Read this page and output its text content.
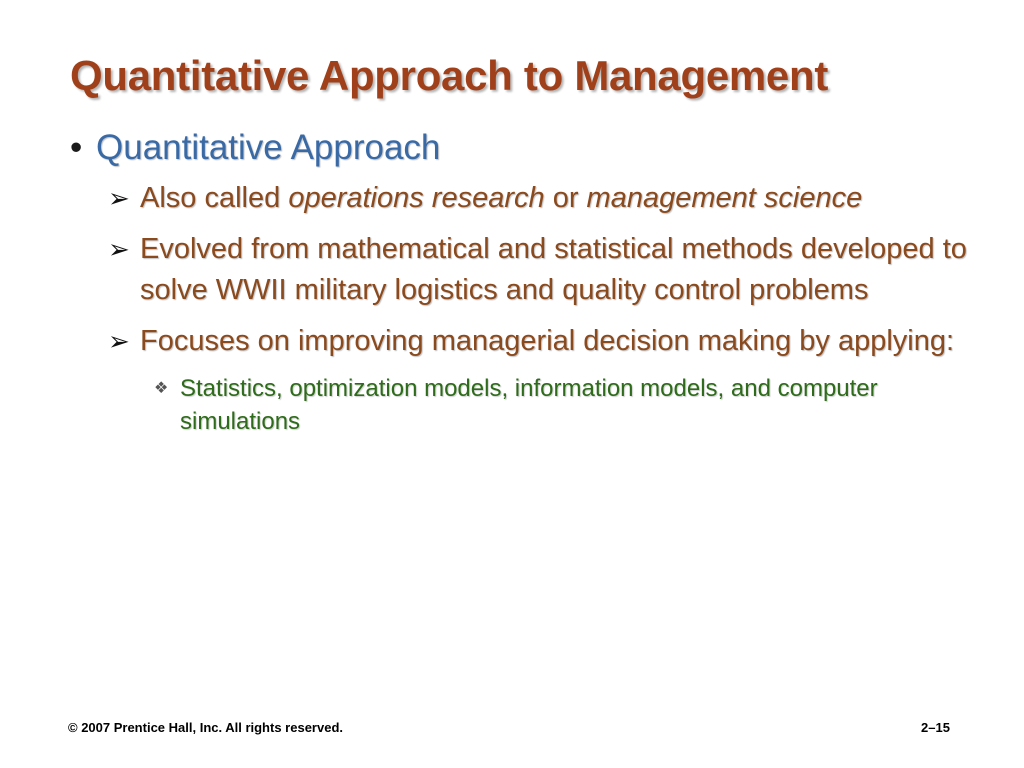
Quantitative Approach to Management
• Quantitative Approach
➢ Also called operations research or management science
➢ Evolved from mathematical and statistical methods developed to solve WWII military logistics and quality control problems
➢ Focuses on improving managerial decision making by applying:
❖ Statistics, optimization models, information models, and computer simulations
© 2007 Prentice Hall, Inc. All rights reserved.	2–15
